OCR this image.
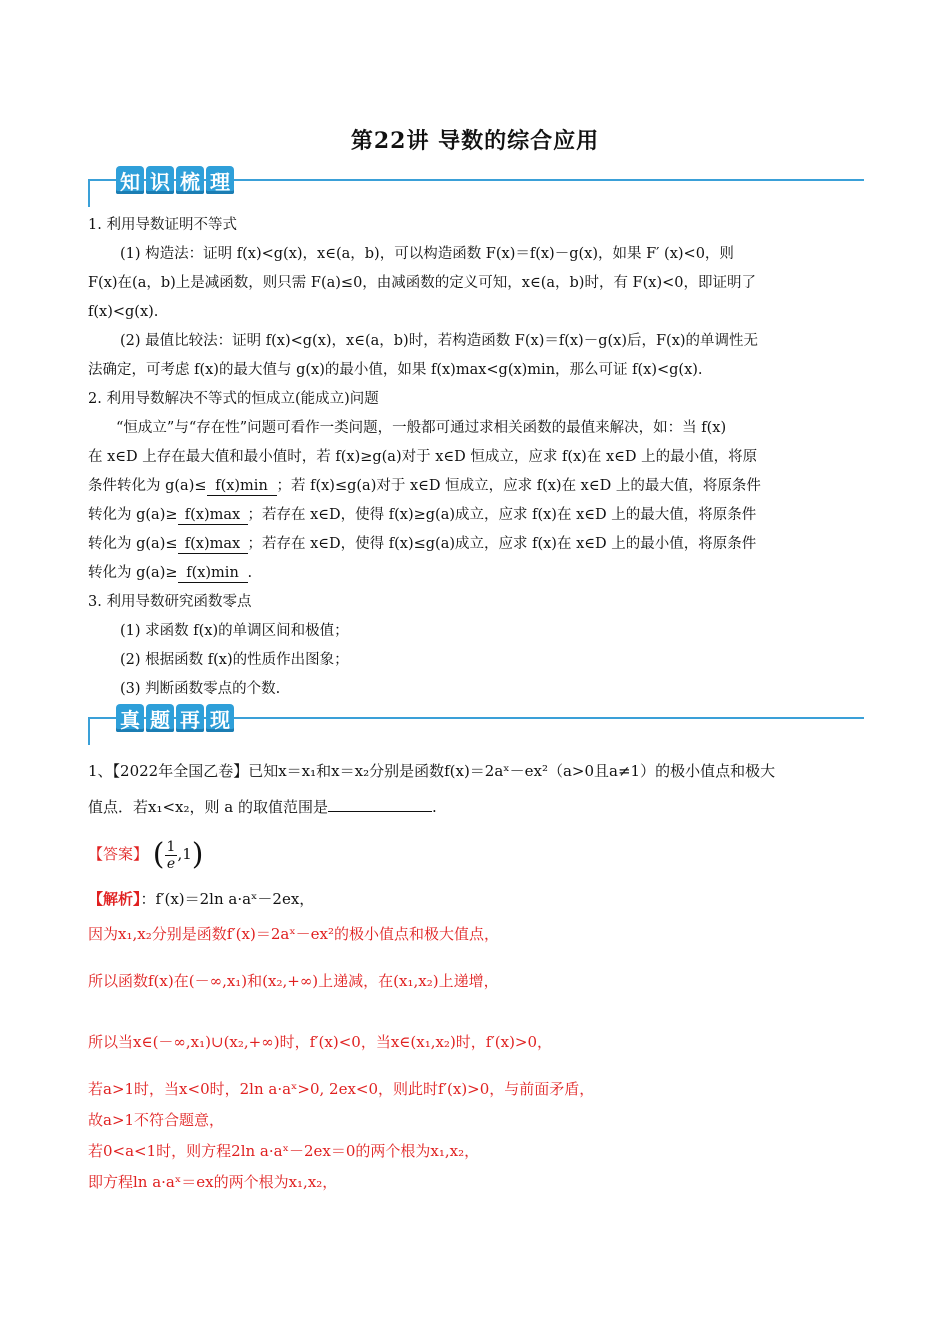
第22讲 导数的综合应用
知 识 梳 理

1. 利用导数证明不等式

(1) 构造法：证明 f(x)<g(x)，x∈(a，b)，可以构造函数 F(x)＝f(x)－g(x)，如果 F′ (x)<0，则

F(x)在(a，b)上是减函数，则只需 F(a)≤0，由减函数的定义可知，x∈(a，b)时，有 F(x)<0，即证明了

f(x)<g(x).

(2) 最值比较法：证明 f(x)<g(x)，x∈(a，b)时，若构造函数 F(x)＝f(x)－g(x)后，F(x)的单调性无

法确定，可考虑 f(x)的最大值与 g(x)的最小值，如果 f(x)max<g(x)min，那么可证 f(x)<g(x).

2. 利用导数解决不等式的恒成立(能成立)问题

“恒成立”与“存在性”问题可看作一类问题，一般都可通过求相关函数的最值来解决，如：当 f(x)

在 x∈D 上存在最大值和最小值时，若 f(x)≥g(a)对于 x∈D 恒成立，应求 f(x)在 x∈D 上的最小值，将原

条件转化为 g(a)≤ f(x)min ；若 f(x)≤g(a)对于 x∈D 恒成立，应求 f(x)在 x∈D 上的最大值，将原条件

转化为 g(a)≥ f(x)max ；若存在 x∈D，使得 f(x)≥g(a)成立，应求 f(x)在 x∈D 上的最大值，将原条件

转化为 g(a)≤ f(x)max ；若存在 x∈D，使得 f(x)≤g(a)成立，应求 f(x)在 x∈D 上的最小值，将原条件

转化为 g(a)≥ f(x)min .

3. 利用导数研究函数零点

(1) 求函数 f(x)的单调区间和极值；

(2) 根据函数 f(x)的性质作出图象；

(3) 判断函数零点的个数.

真 题 再 现

1、【2022年全国乙卷】已知x＝x₁和x＝x₂分别是函数f(x)＝2aˣ－ex²（a>0且a≠1）的极小值点和极大

值点．若x₁<x₂，则 a 的取值范围是	.

【答案】 ( $\frac{1}{e} ,1$)

【解析】：f′(x)＝2ln a·aˣ－2ex，

因为x₁,x₂分别是函数f′(x)＝2aˣ－ex²的极小值点和极大值点，

所以函数f(x)在(－∞,x₁)和(x₂,+∞)上递减，在(x₁,x₂)上递增，

所以当x∈(－∞,x₁)∪(x₂,+∞)时，f′(x)<0，当x∈(x₁,x₂)时，f′(x)>0，

若a>1时，当x<0时，2ln a·aˣ>0, 2ex<0，则此时f′(x)>0，与前面矛盾，

故a>1不符合题意，

若0<a<1时，则方程2ln a·aˣ－2ex＝0的两个根为x₁,x₂，

即方程ln a·aˣ＝ex的两个根为x₁,x₂，
